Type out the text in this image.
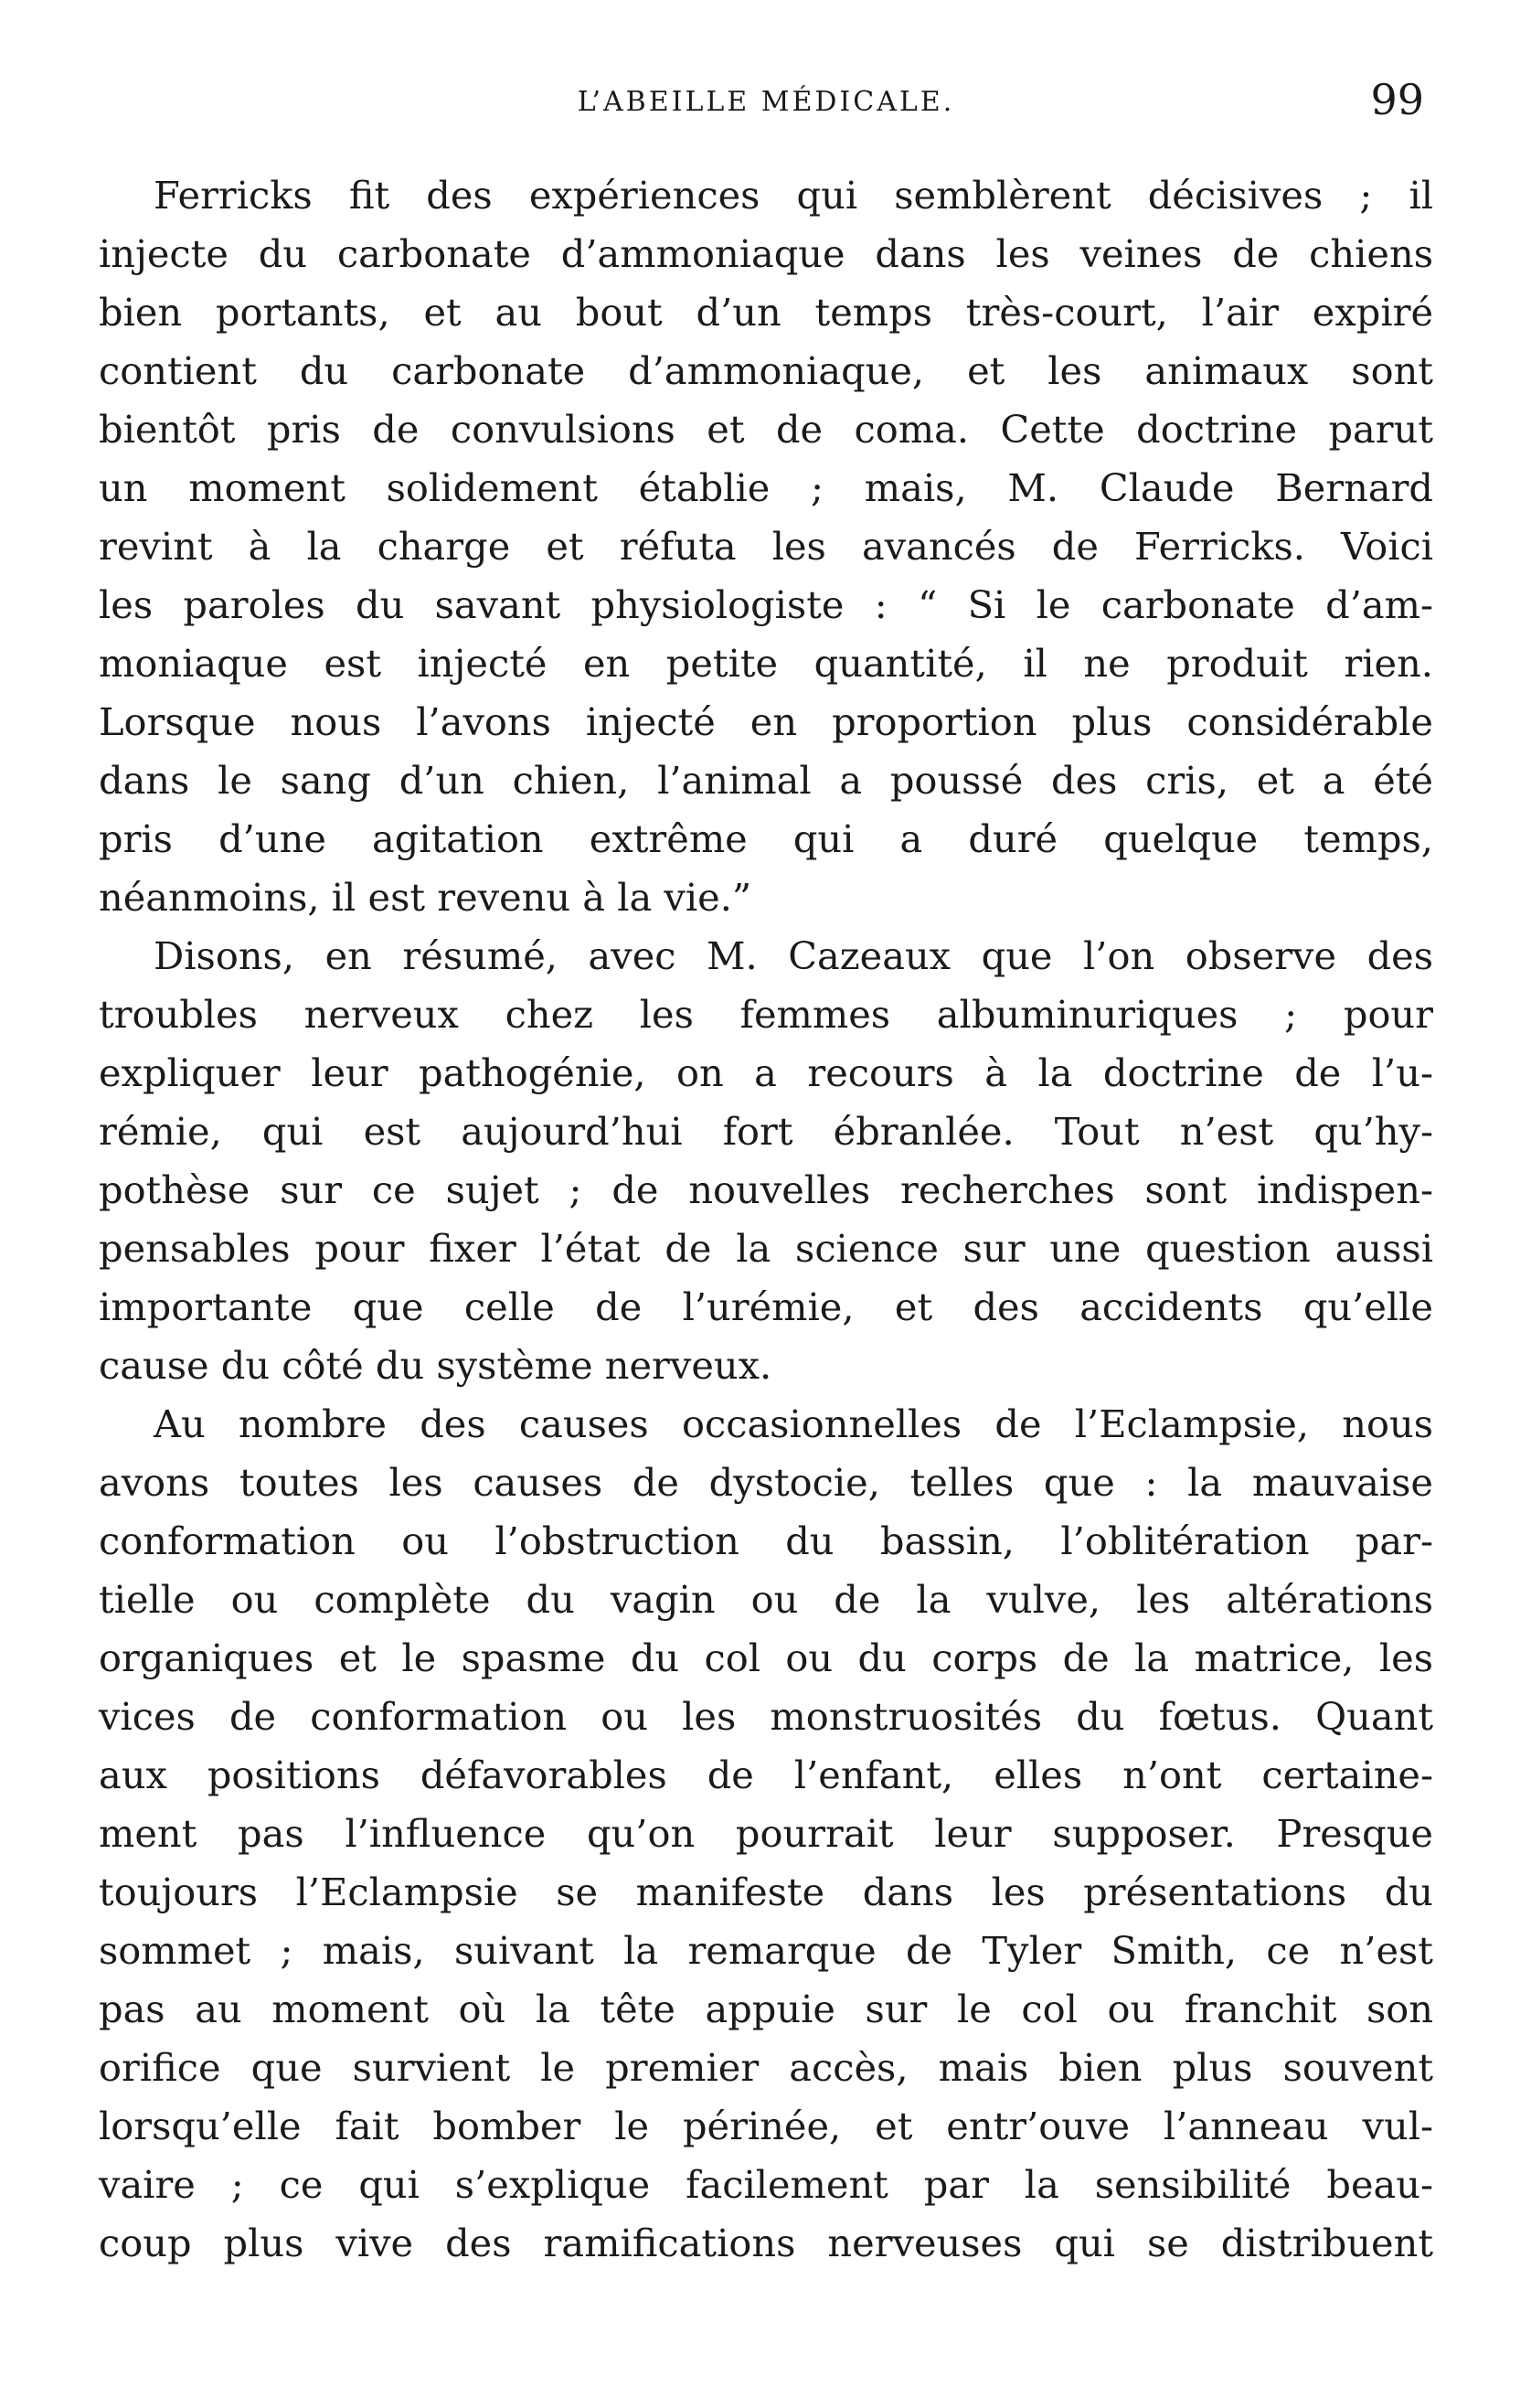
L’ABEILLE MÉDICALE.	99
Ferricks fit des expériences qui semblèrent décisives ; il
injecte du carbonate d’ammoniaque dans les veines de chiens
bien portants, et au bout d’un temps très-court, l’air expiré
contient du carbonate d’ammoniaque, et les animaux sont
bientôt pris de convulsions et de coma. Cette doctrine parut
un moment solidement établie ; mais, M. Claude Bernard
revint à la charge et réfuta les avancés de Ferricks. Voici
les paroles du savant physiologiste : “ Si le carbonate d’am-
moniaque est injecté en petite quantité, il ne produit rien.
Lorsque nous l’avons injecté en proportion plus considérable
dans le sang d’un chien, l’animal a poussé des cris, et a été
pris d’une agitation extrême qui a duré quelque temps,
néanmoins, il est revenu à la vie.”
Disons, en résumé, avec M. Cazeaux que l’on observe des
troubles nerveux chez les femmes albuminuriques ; pour
expliquer leur pathogénie, on a recours à la doctrine de l’u-
rémie, qui est aujourd’hui fort ébranlée. Tout n’est qu’hy-
pothèse sur ce sujet ; de nouvelles recherches sont indispen-
pensables pour fixer l’état de la science sur une question aussi
importante que celle de l’urémie, et des accidents qu’elle
cause du côté du système nerveux.
Au nombre des causes occasionnelles de l’Eclampsie, nous
avons toutes les causes de dystocie, telles que : la mauvaise
conformation ou l’obstruction du bassin, l’oblitération par-
tielle ou complète du vagin ou de la vulve, les altérations
organiques et le spasme du col ou du corps de la matrice, les
vices de conformation ou les monstruosités du fœtus. Quant
aux positions défavorables de l’enfant, elles n’ont certaine-
ment pas l’influence qu’on pourrait leur supposer. Presque
toujours l’Eclampsie se manifeste dans les présentations du
sommet ; mais, suivant la remarque de Tyler Smith, ce n’est
pas au moment où la tête appuie sur le col ou franchit son
orifice que survient le premier accès, mais bien plus souvent
lorsqu’elle fait bomber le périnée, et entr’ouve l’anneau vul-
vaire ; ce qui s’explique facilement par la sensibilité beau-
coup plus vive des ramifications nerveuses qui se distribuent
